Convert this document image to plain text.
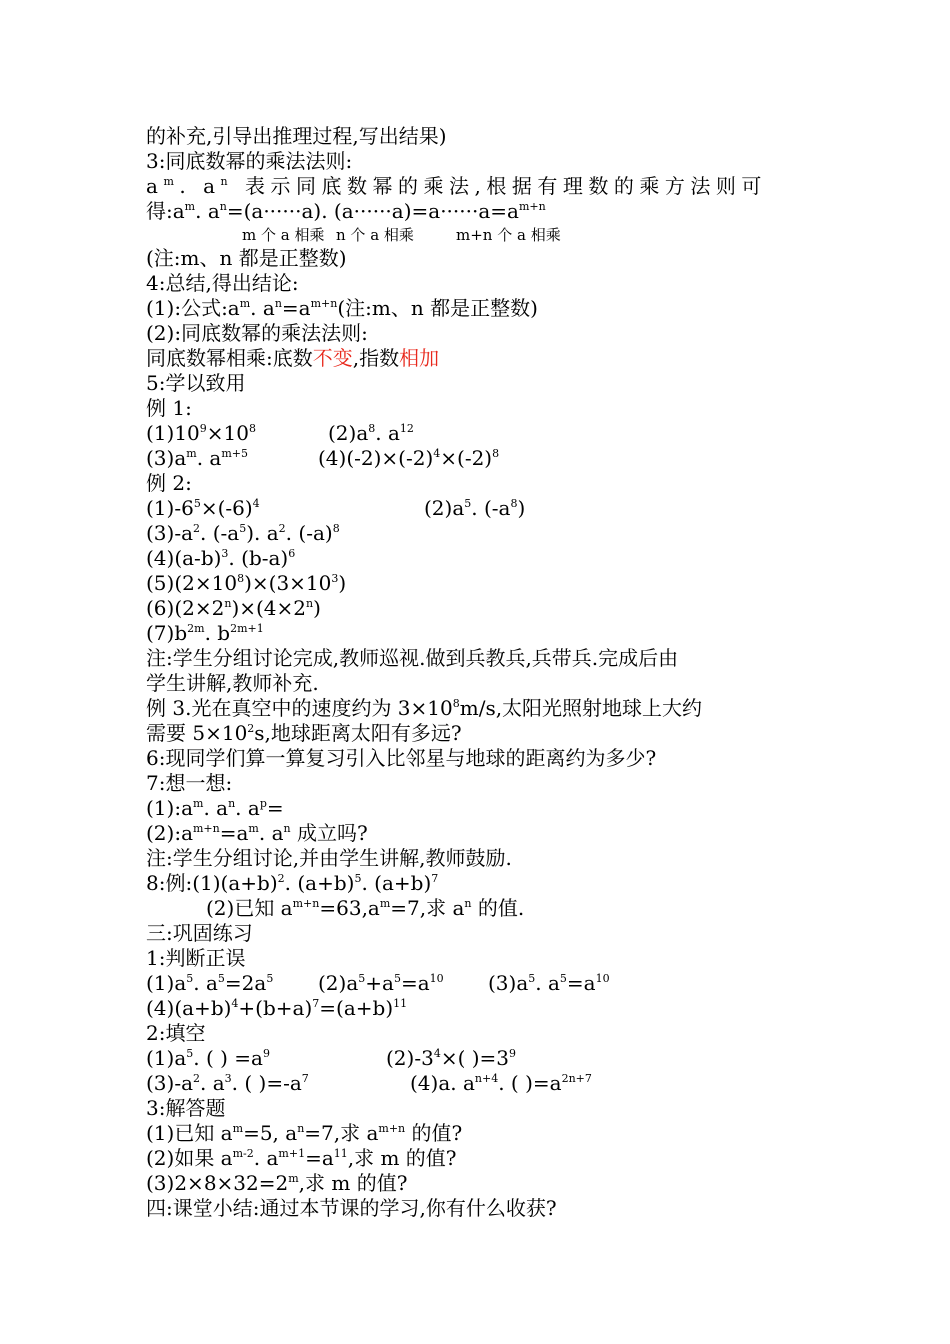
的补充,引导出推理过程,写出结果)
3:同底数幂的乘法法则:
$a^m$. $a^n$ 表示同底数幂的乘法,根据有理数的乘方法则可
得$:a^m$. $a^n=(a\cdot\cdot\cdot\cdot\cdot\cdot a)$. $(a\cdot\cdot\cdot\cdot\cdot\cdot a)=a\cdot\cdot\cdot\cdot\cdot\cdot a=a^{m+n}$
m 个 a 相乘 n 个 a 相乘	m+n 个 a 相乘
(注:m、n 都是正整数)
4:总结,得出结论:
(1):公式$:a^m$. $a^n=a^{m+n}$(注:m、n 都是正整数)
(2):同底数幂的乘法法则:
同底数幂相乘:底数不变,指数相加
5:学以致用
例 1:
$(1)10^9\times 10^8$	$(2)a^8$. $a^{12}$
$(3)a^m$. $a^{m+5}$	$(4)(-2)\times(-2)^4\times(-2)^8$
例 2:
$(1)-6^5\times(-6)^4$	$(2)a^5$. $(-a^8)$
$(3)-a^2$. $(-a^5)$. $a^2$. $(-a)^8$
$(4)(a-b)^3$. $(b-a)^6$
$(5)(2\times 10^8)\times(3\times 10^3)$
$(6)(2\times 2^n)\times(4\times 2^n)$
$(7)b^{2m}$. $b^{2m+1}$
注:学生分组讨论完成,教师巡视.做到兵教兵,兵带兵.完成后由
学生讲解,教师补充.
例 3.光在真空中的速度约为 $3\times 10^8m/s$,太阳光照射地球上大约
需要 $5\times 10^2s$,地球距离太阳有多远?
6:现同学们算一算复习引入比邻星与地球的距离约为多少?
7:想一想:
$(1):a^m$. $a^n$. $a^p=$
$(2):a^{m+n}=a^m$. $a^n$ 成立吗?
注:学生分组讨论,并由学生讲解,教师鼓励.
8:例$:(1)(a+b)^2$. $(a+b)^5$. $(a+b)^7$
(2)已知 $a^{m+n}=63,a^m=7$,求 $a^n$ 的值.
三:巩固练习
1:判断正误
$(1)a^5$. $a^5=2a^5$ $(2)a^5+a^5=a^{10}$ $(3)a^5$. $a^5=a^{10}$
$(4)(a+b)^4+(b+a)^7=(a+b)^{11}$
2:填空
$(1)a^5$. ( ) $=a^9$	$(2)-3^4\times$( )$=3^9$
$(3)-a^2$. $a^3$. ( )$=-a^7$	(4)a. $a^{n+4}$. ( )$=a^{2n+7}$
3:解答题
(1)已知 $a^m=5$, $a^n=7$,求 $a^{m+n}$ 的值?
(2)如果 $a^{m-2}$. $a^{m+1}=a^{11}$,求 m 的值?
$(3)2\times 8\times 32=2^m$,求 m 的值?
四:课堂小结:通过本节课的学习,你有什么收获?
